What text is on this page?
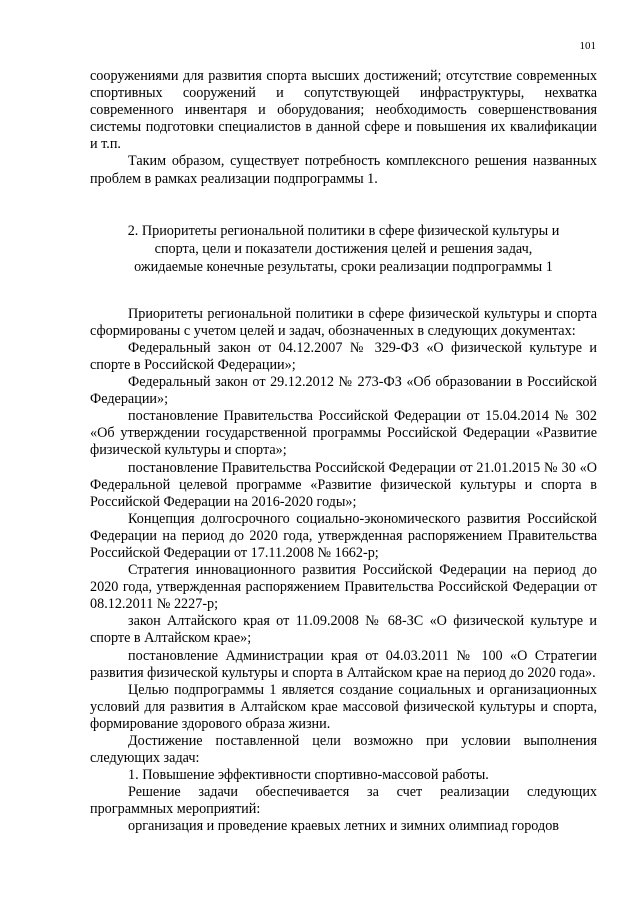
101

сооружениями для развития спорта высших достижений; отсутствие современных спортивных сооружений и сопутствующей инфраструктуры, нехватка современного инвентаря и оборудования; необходимость совершенствования системы подготовки специалистов в данной сфере и повышения их квалификации и т.п.

Таким образом, существует потребность комплексного решения названных проблем в рамках реализации подпрограммы 1.

2. Приоритеты региональной политики в сфере физической культуры и
спорта, цели и показатели достижения целей и решения задач,
ожидаемые конечные результаты, сроки реализации подпрограммы 1

Приоритеты региональной политики в сфере физической культуры и спорта сформированы с учетом целей и задач, обозначенных в следующих документах:

Федеральный закон от 04.12.2007 № 329-ФЗ «О физической культуре и спорте в Российской Федерации»;

Федеральный закон от 29.12.2012 № 273-ФЗ «Об образовании в Российской Федерации»;

постановление Правительства Российской Федерации от 15.04.2014 № 302 «Об утверждении государственной программы Российской Федерации «Развитие физической культуры и спорта»;

постановление Правительства Российской Федерации от 21.01.2015 № 30 «О Федеральной целевой программе «Развитие физической культуры и спорта в Российской Федерации на 2016-2020 годы»;

Концепция долгосрочного социально-экономического развития Российской Федерации на период до 2020 года, утвержденная распоряжением Правительства Российской Федерации от 17.11.2008 № 1662-р;

Стратегия инновационного развития Российской Федерации на период до 2020 года, утвержденная распоряжением Правительства Российской Федерации от 08.12.2011 № 2227-р;

закон Алтайского края от 11.09.2008 № 68-ЗС «О физической культуре и спорте в Алтайском крае»;

постановление Администрации края от 04.03.2011 № 100 «О Стратегии развития физической культуры и спорта в Алтайском крае на период до 2020 года».

Целью подпрограммы 1 является создание социальных и организационных условий для развития в Алтайском крае массовой физической культуры и спорта, формирование здорового образа жизни.

Достижение поставленной цели возможно при условии выполнения следующих задач:

1. Повышение эффективности спортивно-массовой работы.

Решение задачи обеспечивается за счет реализации следующих программных мероприятий:

организация и проведение краевых летних и зимних олимпиад городов
